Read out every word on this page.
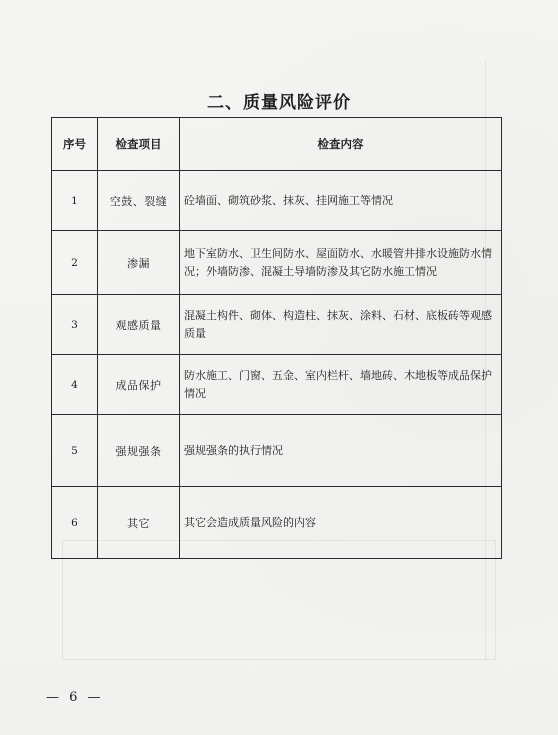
二、质量风险评价
序号	检查项目	检查内容
1	空鼓、裂缝	砼墙面、砌筑砂浆、抹灰、挂网施工等情况
2	渗漏	地下室防水、卫生间防水、屋面防水、水暖管井排水设施防水情况；外墙防渗、混凝土导墙防渗及其它防水施工情况
3	观感质量	混凝土构件、砌体、构造柱、抹灰、涂料、石材、底板砖等观感质量
4	成品保护	防水施工、门窗、五金、室内栏杆、墙地砖、木地板等成品保护情况
5	强规强条	强规强条的执行情况
6	其它	其它会造成质量风险的内容
— 6 —
